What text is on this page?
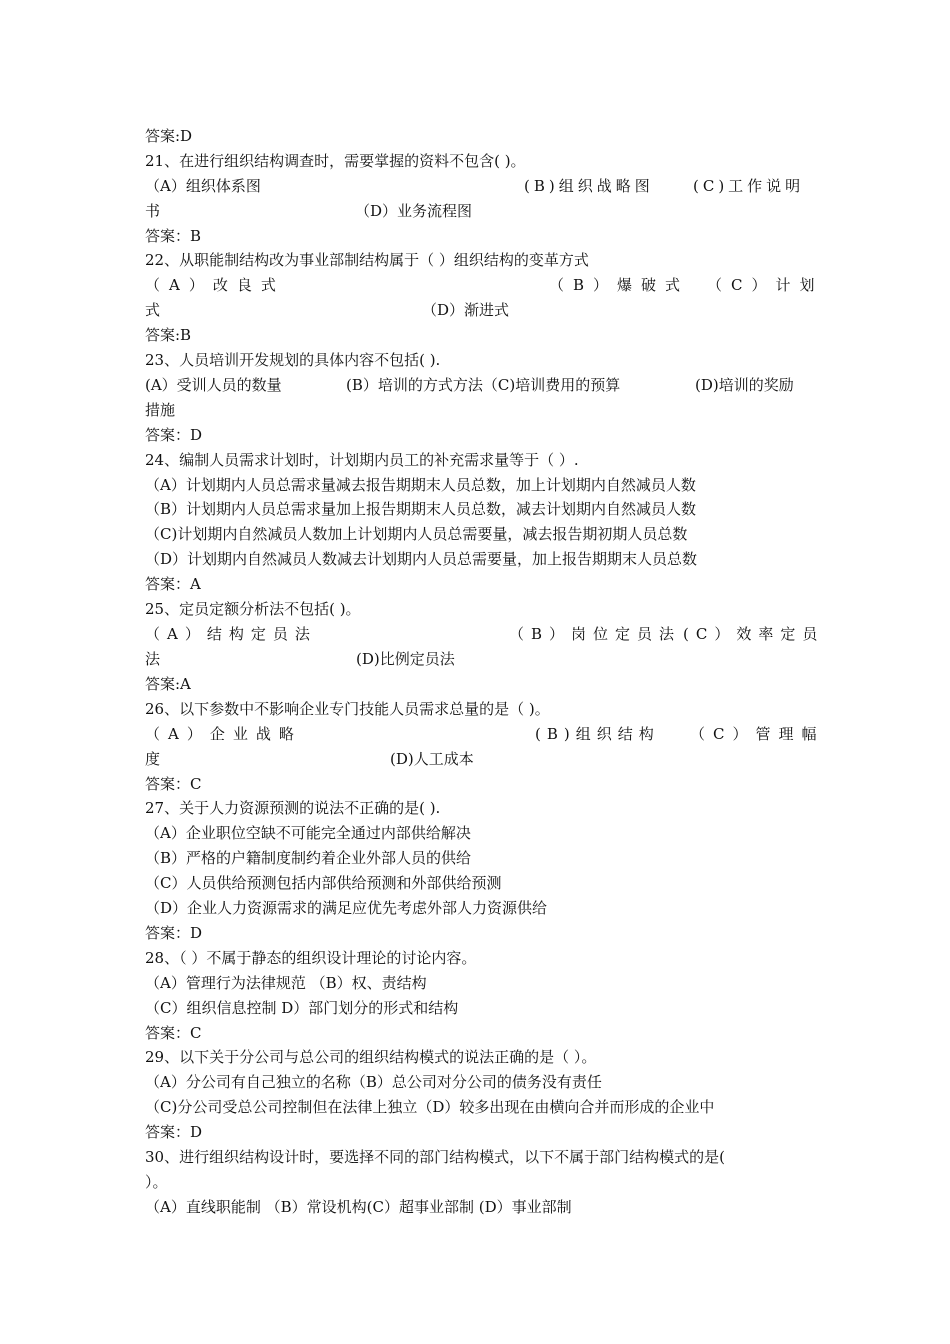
答案:D
21、在进行组织结构调查时，需要掌握的资料不包含( )。
（A）组织体系图	(B)组织战略图	(C)工作说明
书	（D）业务流程图
答案：B
22、从职能制结构改为事业部制结构属于（ ）组织结构的变革方式
（A）改良式	（B）爆破式 （C）计划
式	（D）渐进式
答案:B
23、人员培训开发规划的具体内容不包括( ).
(A）受训人员的数量	(B）培训的方式方法（C)培训费用的预算	(D)培训的奖励
措施
答案：D
24、编制人员需求计划时，计划期内员工的补充需求量等于（ ）.
（A）计划期内人员总需求量减去报告期期末人员总数，加上计划期内自然减员人数
（B）计划期内人员总需求量加上报告期期末人员总数，减去计划期内自然减员人数
（C)计划期内自然减员人数加上计划期内人员总需要量，减去报告期初期人员总数
（D）计划期内自然减员人数减去计划期内人员总需要量，加上报告期期末人员总数
答案：A
25、定员定额分析法不包括( )。
（A）结构定员法	（B）岗位定员法 (C）效率定员
法	(D)比例定员法
答案:A
26、以下参数中不影响企业专门技能人员需求总量的是（ )。
（A）企业战略	(B)组织结构 （C）管理幅
度	(D)人工成本
答案：C
27、关于人力资源预测的说法不正确的是( ).
（A）企业职位空缺不可能完全通过内部供给解决
（B）严格的户籍制度制约着企业外部人员的供给
（C）人员供给预测包括内部供给预测和外部供给预测
（D）企业人力资源需求的满足应优先考虑外部人力资源供给
答案：D
28、（ ）不属于静态的组织设计理论的讨论内容。
（A）管理行为法律规范 （B）权、责结构
（C）组织信息控制 D）部门划分的形式和结构
答案：C
29、以下关于分公司与总公司的组织结构模式的说法正确的是（ ）。
（A）分公司有自己独立的名称（B）总公司对分公司的债务没有责任
（C)分公司受总公司控制但在法律上独立（D）较多出现在由横向合并而形成的企业中
答案：D
30、进行组织结构设计时，要选择不同的部门结构模式，以下不属于部门结构模式的是(
）。
（A）直线职能制 （B）常设机构(C）超事业部制 (D）事业部制
